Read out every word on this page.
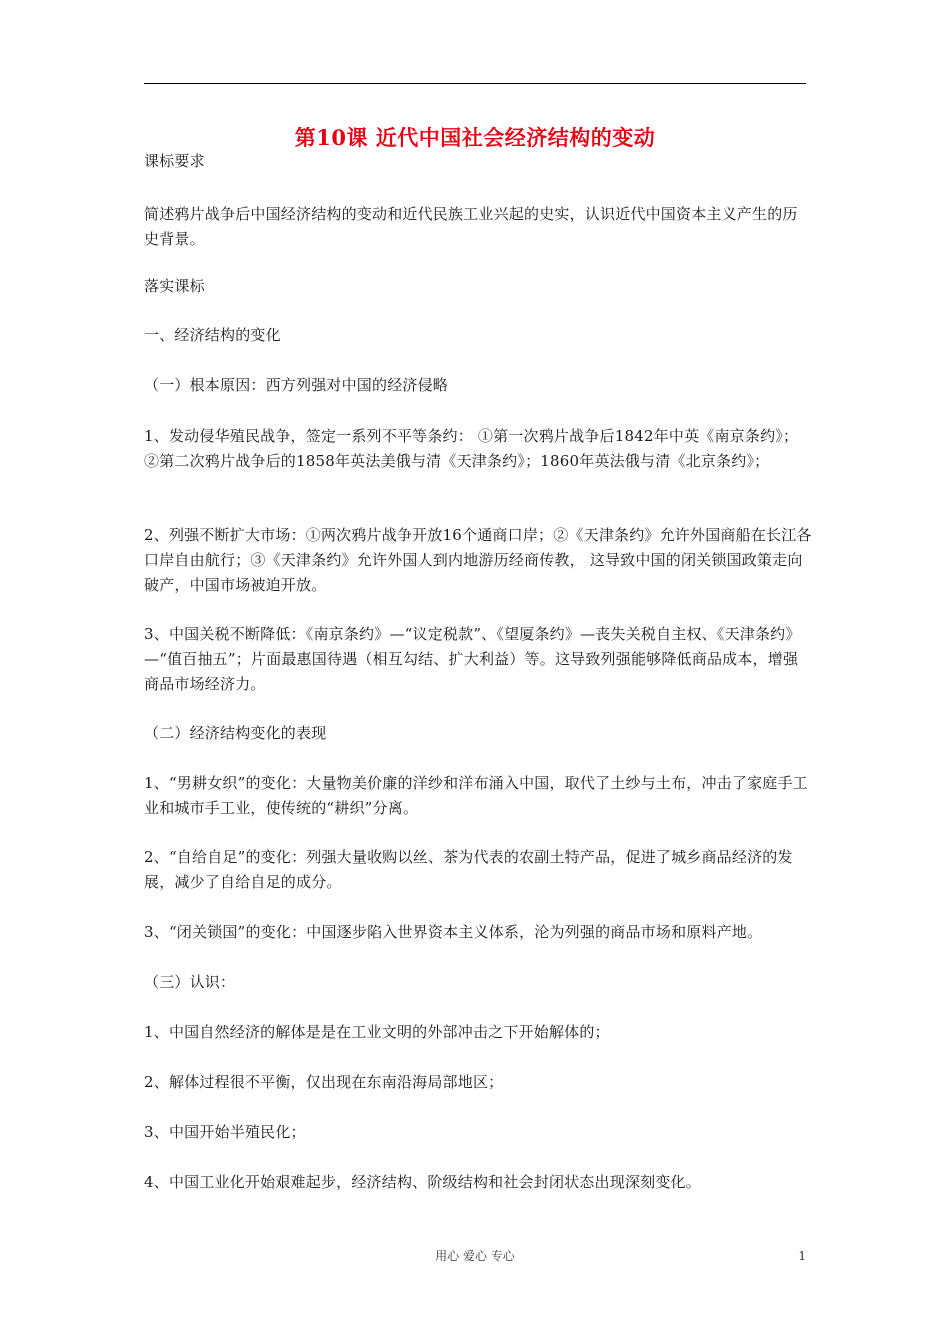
第10课 近代中国社会经济结构的变动
课标要求
简述鸦片战争后中国经济结构的变动和近代民族工业兴起的史实，认识近代中国资本主义产生的历史背景。
落实课标
一、经济结构的变化
（一）根本原因：西方列强对中国的经济侵略
1、发动侵华殖民战争，签定一系列不平等条约： ①第一次鸦片战争后1842年中英《南京条约》；②第二次鸦片战争后的1858年英法美俄与清《天津条约》；1860年英法俄与清《北京条约》；
2、列强不断扩大市场：①两次鸦片战争开放16个通商口岸；②《天津条约》允许外国商船在长江各口岸自由航行；③《天津条约》允许外国人到内地游历经商传教， 这导致中国的闭关锁国政策走向破产，中国市场被迫开放。
3、中国关税不断降低：《南京条约》—“议定税款”、《望厦条约》—丧失关税自主权、《天津条约》—“值百抽五”；片面最惠国待遇（相互勾结、扩大利益）等。这导致列强能够降低商品成本，增强商品市场经济力。
（二）经济结构变化的表现
1、“男耕女织”的变化：大量物美价廉的洋纱和洋布涌入中国，取代了土纱与土布，冲击了家庭手工业和城市手工业，使传统的“耕织”分离。
2、“自给自足”的变化：列强大量收购以丝、茶为代表的农副土特产品，促进了城乡商品经济的发展，减少了自给自足的成分。
3、“闭关锁国”的变化：中国逐步陷入世界资本主义体系，沦为列强的商品市场和原料产地。
（三）认识：
1、中国自然经济的解体是是在工业文明的外部冲击之下开始解体的；
2、解体过程很不平衡，仅出现在东南沿海局部地区；
3、中国开始半殖民化；
4、中国工业化开始艰难起步，经济结构、阶级结构和社会封闭状态出现深刻变化。
用心 爱心 专心	1
